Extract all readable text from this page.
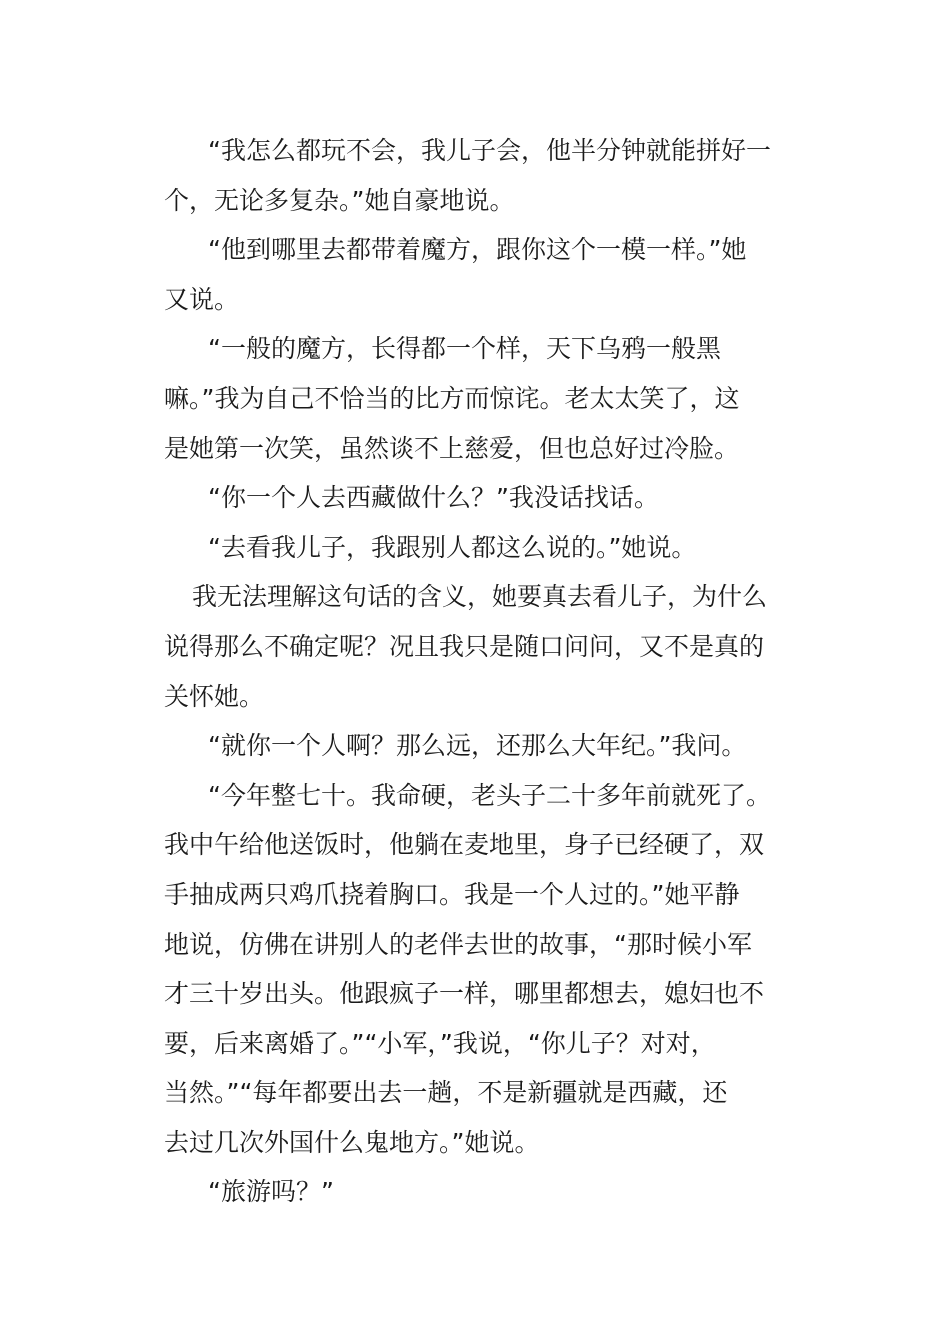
“我怎么都玩不会，我儿子会，他半分钟就能拼好一
个，无论多复杂。”她自豪地说。
“他到哪里去都带着魔方，跟你这个一模一样。”她
又说。
“一般的魔方，长得都一个样，天下乌鸦一般黑
嘛。”我为自己不恰当的比方而惊诧。老太太笑了，这
是她第一次笑，虽然谈不上慈爱，但也总好过冷脸。
“你一个人去西藏做什么？”我没话找话。
“去看我儿子，我跟别人都这么说的。”她说。
我无法理解这句话的含义，她要真去看儿子，为什么
说得那么不确定呢？况且我只是随口问问，又不是真的
关怀她。
“就你一个人啊？那么远，还那么大年纪。”我问。
“今年整七十。我命硬，老头子二十多年前就死了。
我中午给他送饭时，他躺在麦地里，身子已经硬了，双
手抽成两只鸡爪挠着胸口。我是一个人过的。”她平静
地说，仿佛在讲别人的老伴去世的故事，“那时候小军
才三十岁出头。他跟疯子一样，哪里都想去，媳妇也不
要，后来离婚了。”“小军，”我说，“你儿子？对对，
当然。”“每年都要出去一趟，不是新疆就是西藏，还
去过几次外国什么鬼地方。”她说。
“旅游吗？”
